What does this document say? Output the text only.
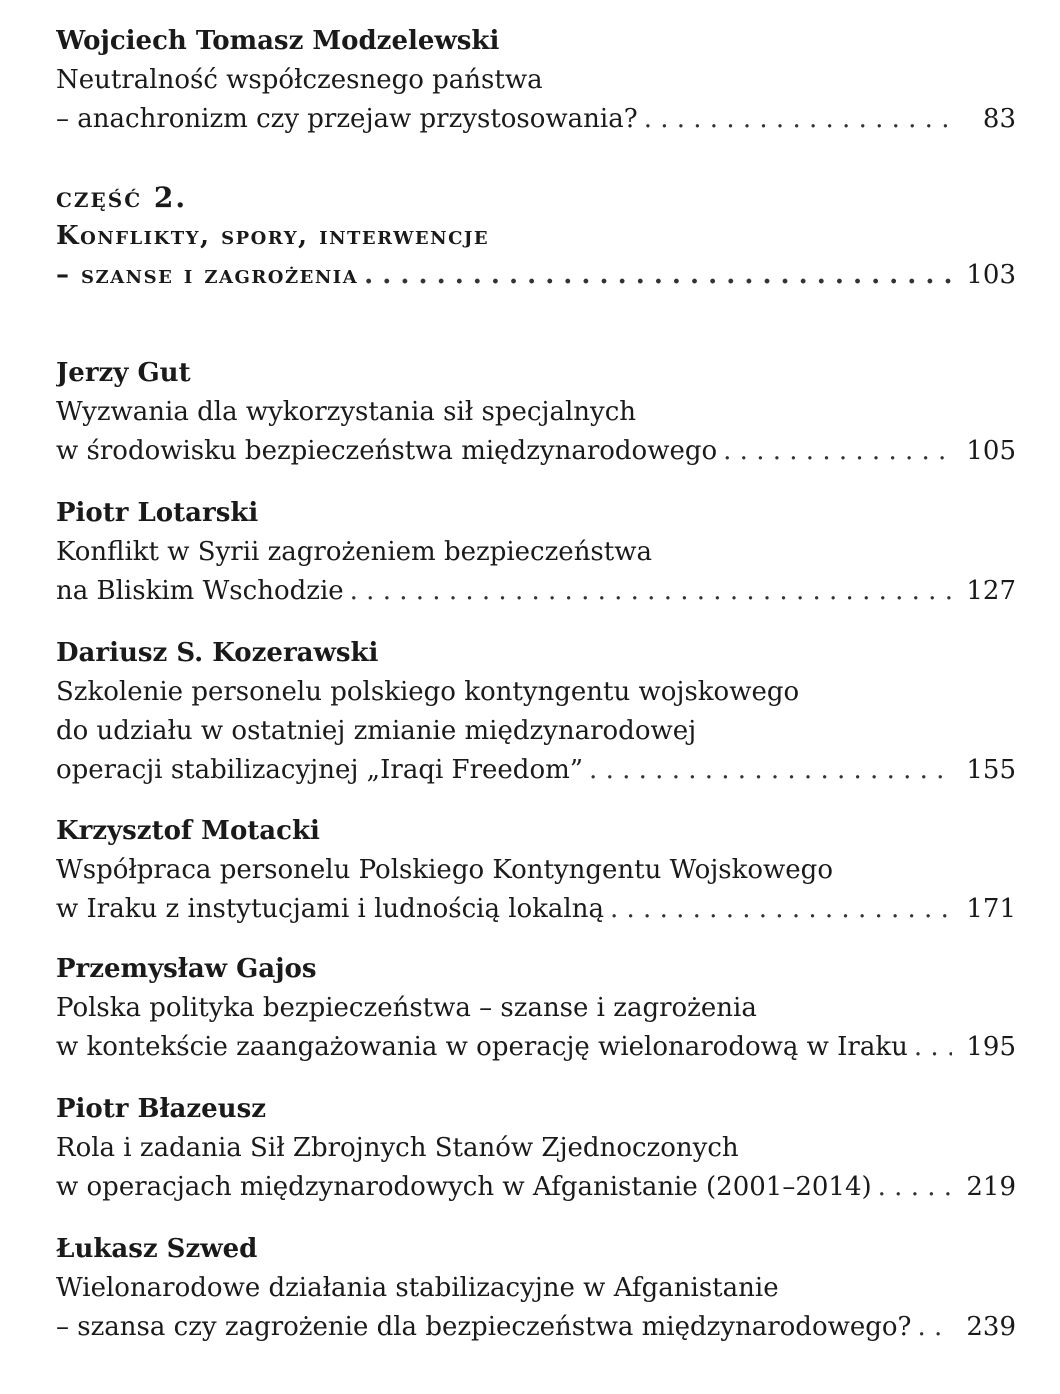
Wojciech Tomasz Modzelewski
Neutralność współczesnego państwa
– anachronizm czy przejaw przystosowania? . . .	83
część 2.
Konflikty, spory, interwencje
– szanse i zagrożenia . . .	103
Jerzy Gut
Wyzwania dla wykorzystania sił specjalnych
w środowisku bezpieczeństwa międzynarodowego . . .	105
Piotr Lotarski
Konflikt w Syrii zagrożeniem bezpieczeństwa
na Bliskim Wschodzie . . .	127
Dariusz S. Kozerawski
Szkolenie personelu polskiego kontyngentu wojskowego
do udziału w ostatniej zmianie międzynarodowej
operacji stabilizacyjnej „Iraqi Freedom” . . .	155
Krzysztof Motacki
Współpraca personelu Polskiego Kontyngentu Wojskowego
w Iraku z instytucjami i ludnością lokalną . . .	171
Przemysław Gajos
Polska polityka bezpieczeństwa – szanse i zagrożenia
w kontekście zaangażowania w operację wielonarodową w Iraku . . . 195
Piotr Błazeusz
Rola i zadania Sił Zbrojnych Stanów Zjednoczonych
w operacjach międzynarodowych w Afganistanie (2001–2014) . . .	219
Łukasz Szwed
Wielonarodowe działania stabilizacyjne w Afganistanie
– szansa czy zagrożenie dla bezpieczeństwa międzynarodowego? . . . 239
